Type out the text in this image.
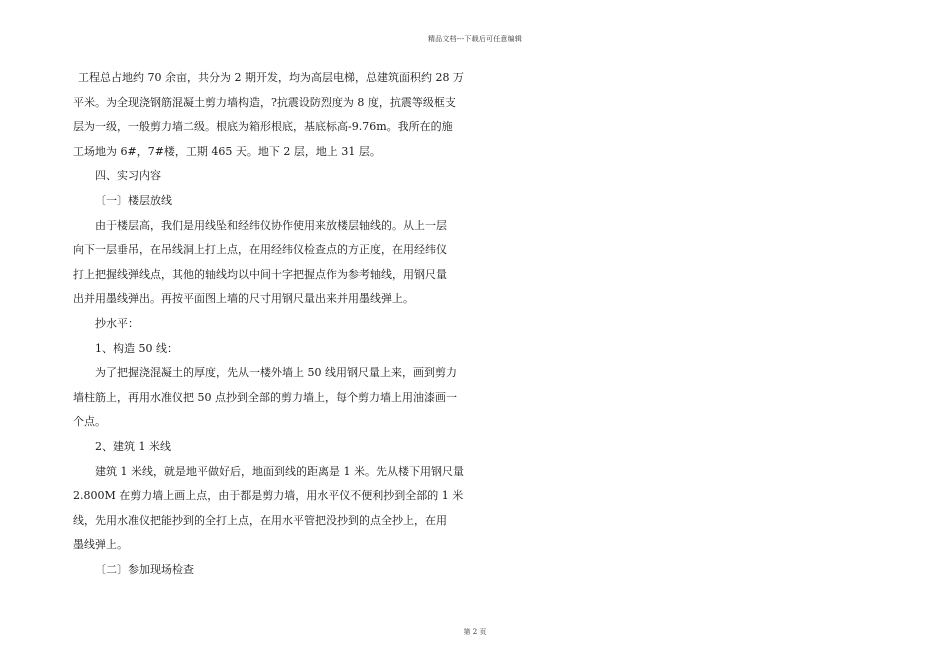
精品文档---下载后可任意编辑
工程总占地约 70 余亩，共分为 2 期开发，均为高层电梯，总建筑面积约 28 万
平米。为全现浇钢筋混凝土剪力墙构造，?抗震设防烈度为 8 度，抗震等级框支
层为一级，一般剪力墙二级。根底为箱形根底，基底标高-9.76m。我所在的施
工场地为 6#，7#楼，工期 465 天。地下 2 层，地上 31 层。
四、实习内容
〔一〕楼层放线
由于楼层高，我们是用线坠和经纬仪协作使用来放楼层轴线的。从上一层
向下一层垂吊，在吊线洞上打上点，在用经纬仪检查点的方正度，在用经纬仪
打上把握线弹线点，其他的轴线均以中间十字把握点作为参考轴线，用钢尺量
出并用墨线弹出。再按平面图上墙的尺寸用钢尺量出来并用墨线弹上。
抄水平：
1、构造 50 线：
为了把握浇混凝土的厚度，先从一楼外墙上 50 线用钢尺量上来，画到剪力
墙柱筋上，再用水准仪把 50 点抄到全部的剪力墙上，每个剪力墙上用油漆画一
个点。
2、建筑 1 米线
建筑 1 米线，就是地平做好后，地面到线的距离是 1 米。先从楼下用钢尺量
2.800M 在剪力墙上画上点，由于都是剪力墙，用水平仪不便利抄到全部的 1 米
线，先用水准仪把能抄到的全打上点，在用水平管把没抄到的点全抄上，在用
墨线弹上。
〔二〕参加现场检查
第 2 页
